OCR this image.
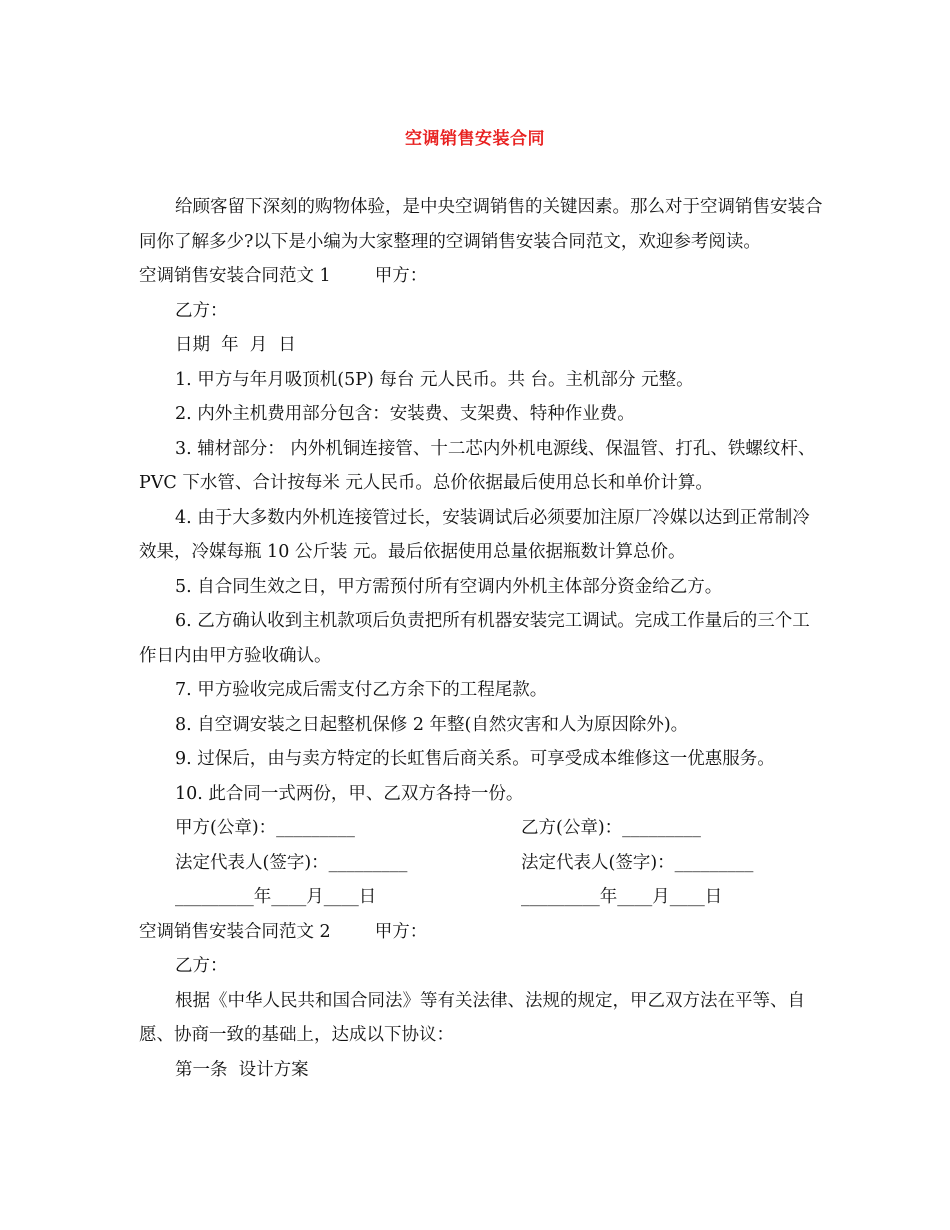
空调销售安装合同

给顾客留下深刻的购物体验，是中央空调销售的关键因素。那么对于空调销售安装合同你了解多少?以下是小编为大家整理的空调销售安装合同范文，欢迎参考阅读。

空调销售安装合同范文 1	甲方：

乙方：

日期  年  月  日

1. 甲方与年月吸顶机(5P) 每台 元人民币。共 台。主机部分 元整。

2. 内外主机费用部分包含：安装费、支架费、特种作业费。

3. 辅材部分： 内外机铜连接管、十二芯内外机电源线、保温管、打孔、铁螺纹杆、PVC 下水管、合计按每米 元人民币。总价依据最后使用总长和单价计算。

4. 由于大多数内外机连接管过长，安装调试后必须要加注原厂冷媒以达到正常制冷效果，冷媒每瓶 10 公斤装 元。最后依据使用总量依据瓶数计算总价。

5. 自合同生效之日，甲方需预付所有空调内外机主体部分资金给乙方。

6. 乙方确认收到主机款项后负责把所有机器安装完工调试。完成工作量后的三个工作日内由甲方验收确认。

7. 甲方验收完成后需支付乙方余下的工程尾款。

8. 自空调安装之日起整机保修 2 年整(自然灾害和人为原因除外)。

9. 过保后，由与卖方特定的长虹售后商关系。可享受成本维修这一优惠服务。

10. 此合同一式两份，甲、乙双方各持一份。

甲方(公章)：_________	乙方(公章)：_________
法定代表人(签字)：_________	法定代表人(签字)：_________
_________年____月____日	_________年____月____日

空调销售安装合同范文 2	甲方：

乙方：

根据《中华人民共和国合同法》等有关法律、法规的规定，甲乙双方法在平等、自愿、协商一致的基础上，达成以下协议：

第一条  设计方案
